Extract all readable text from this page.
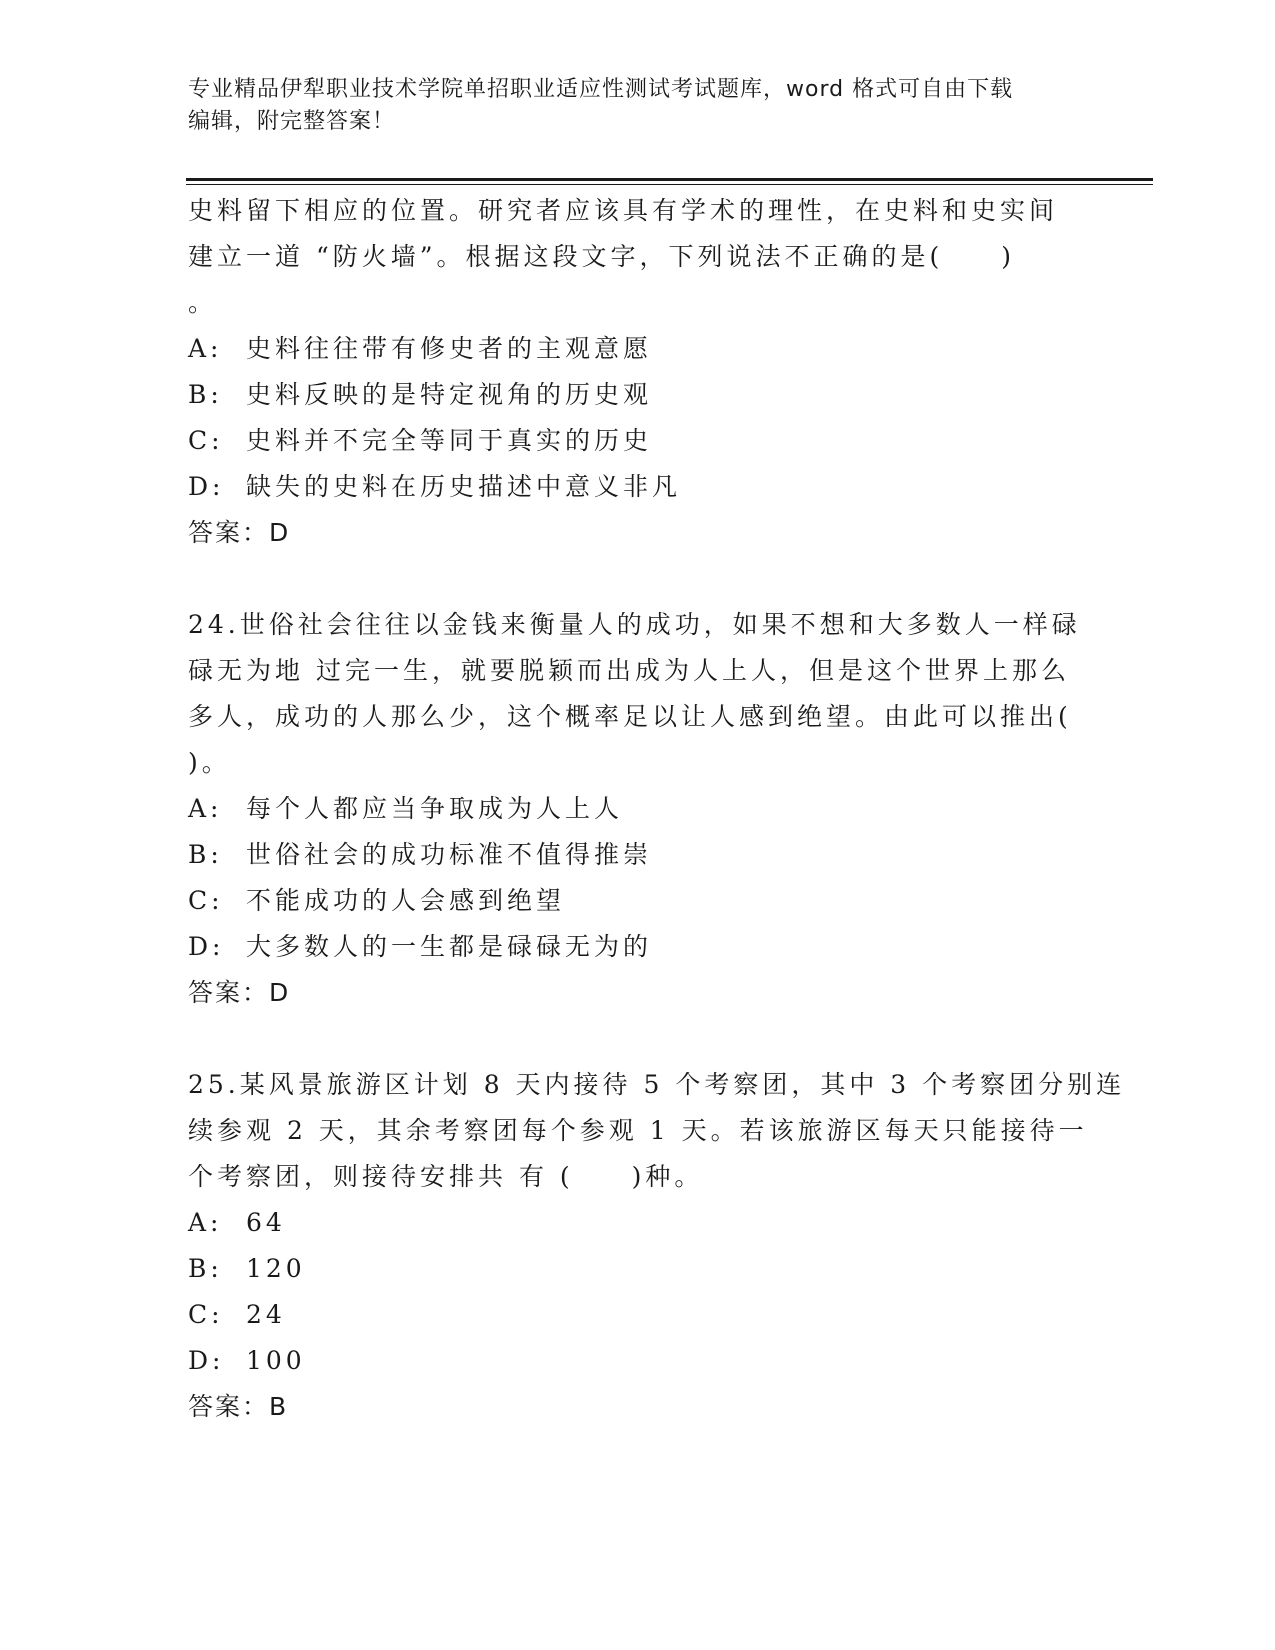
专业精品伊犁职业技术学院单招职业适应性测试考试题库，word 格式可自由下载
编辑，附完整答案！
史料留下相应的位置。研究者应该具有学术的理性，在史料和史实间
建立一道 “防火墙”。根据这段文字，下列说法不正确的是(　　)
。
A: 史料往往带有修史者的主观意愿
B: 史料反映的是特定视角的历史观
C: 史料并不完全等同于真实的历史
D: 缺失的史料在历史描述中意义非凡
答案：D
24.世俗社会往往以金钱来衡量人的成功，如果不想和大多数人一样碌
碌无为地 过完一生，就要脱颖而出成为人上人，但是这个世界上那么
多人，成功的人那么少，这个概率足以让人感到绝望。由此可以推出(
)。
A: 每个人都应当争取成为人上人
B: 世俗社会的成功标准不值得推崇
C: 不能成功的人会感到绝望
D: 大多数人的一生都是碌碌无为的
答案：D
25.某风景旅游区计划 8 天内接待 5 个考察团，其中 3 个考察团分别连
续参观 2 天，其余考察团每个参观 1 天。若该旅游区每天只能接待一
个考察团，则接待安排共 有 (　　)种。
A: 64
B: 120
C: 24
D: 100
答案：B
